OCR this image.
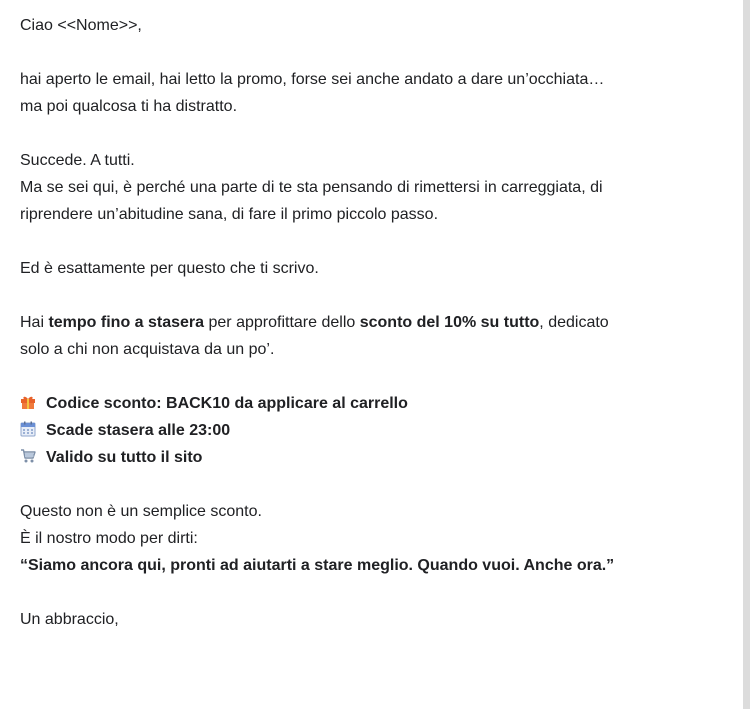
Ciao <<Nome>>,

hai aperto le email, hai letto la promo, forse sei anche andato a dare un’occhiata…
ma poi qualcosa ti ha distratto.

Succede. A tutti.
Ma se sei qui, è perché una parte di te sta pensando di rimettersi in carreggiata, di
riprendere un’abitudine sana, di fare il primo piccolo passo.

Ed è esattamente per questo che ti scrivo.

Hai tempo fino a stasera per approfittare dello sconto del 10% su tutto, dedicato
solo a chi non acquistava da un po’.

Codice sconto: BACK10 da applicare al carrello
Scade stasera alle 23:00
Valido su tutto il sito

Questo non è un semplice sconto.
È il nostro modo per dirti:
“Siamo ancora qui, pronti ad aiutarti a stare meglio. Quando vuoi. Anche ora.”

Un abbraccio,
